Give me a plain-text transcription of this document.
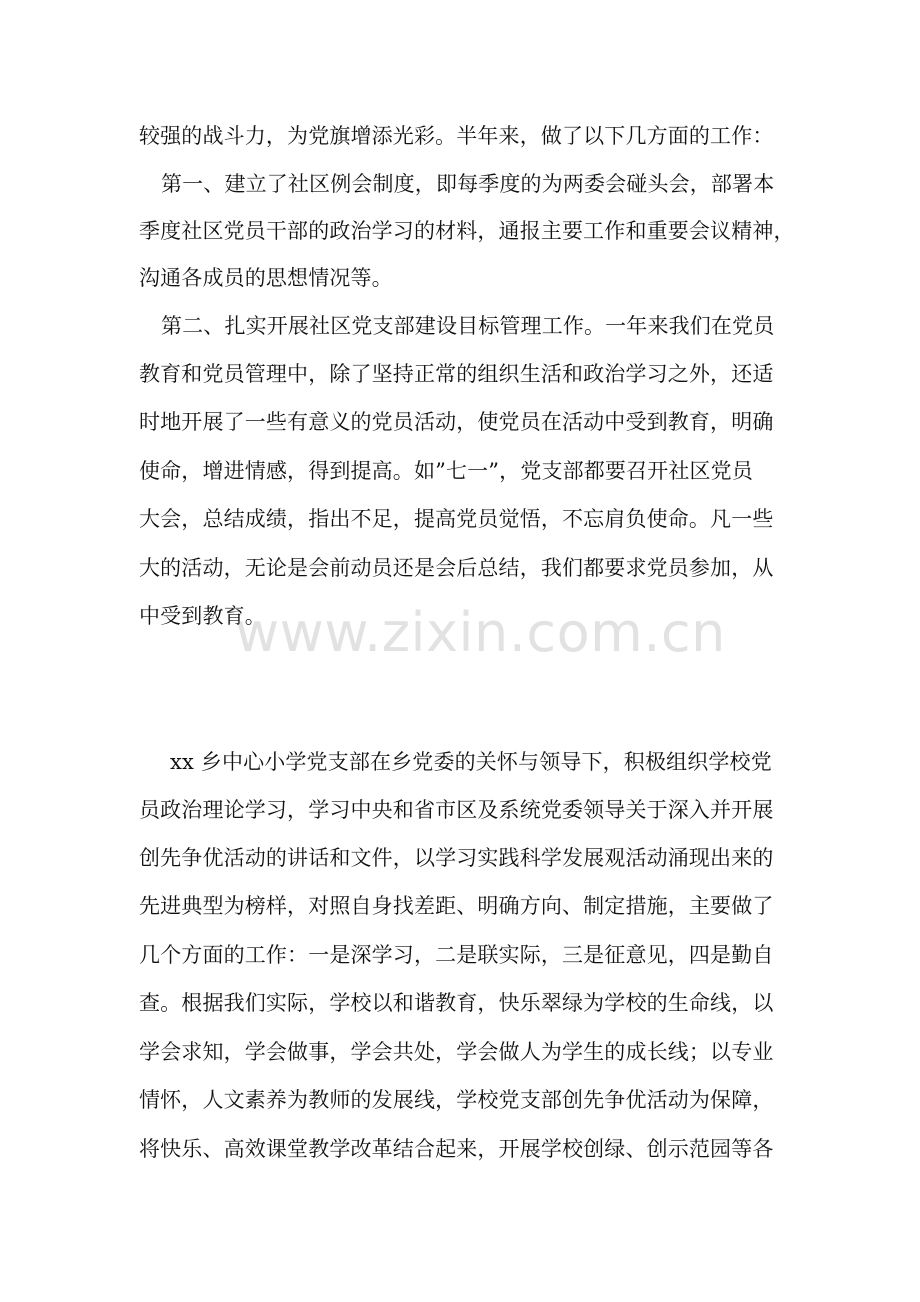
较强的战斗力，为党旗增添光彩。半年来，做了以下几方面的工作：
第一、建立了社区例会制度，即每季度的为两委会碰头会，部署本
季度社区党员干部的政治学习的材料，通报主要工作和重要会议精神，
沟通各成员的思想情况等。
第二、扎实开展社区党支部建设目标管理工作。一年来我们在党员
教育和党员管理中，除了坚持正常的组织生活和政治学习之外，还适
时地开展了一些有意义的党员活动，使党员在活动中受到教育，明确
使命，增进情感，得到提高。如”七一”，党支部都要召开社区党员
大会，总结成绩，指出不足，提高党员觉悟，不忘肩负使命。凡一些
大的活动，无论是会前动员还是会后总结，我们都要求党员参加，从
中受到教育。
www.zixin.com.cn
xx 乡中心小学党支部在乡党委的关怀与领导下，积极组织学校党
员政治理论学习，学习中央和省市区及系统党委领导关于深入并开展
创先争优活动的讲话和文件，以学习实践科学发展观活动涌现出来的
先进典型为榜样，对照自身找差距、明确方向、制定措施，主要做了
几个方面的工作：一是深学习，二是联实际，三是征意见，四是勤自
查。根据我们实际，学校以和谐教育，快乐翠绿为学校的生命线，以
学会求知，学会做事，学会共处，学会做人为学生的成长线；以专业
情怀，人文素养为教师的发展线，学校党支部创先争优活动为保障，
将快乐、高效课堂教学改革结合起来，开展学校创绿、创示范园等各
